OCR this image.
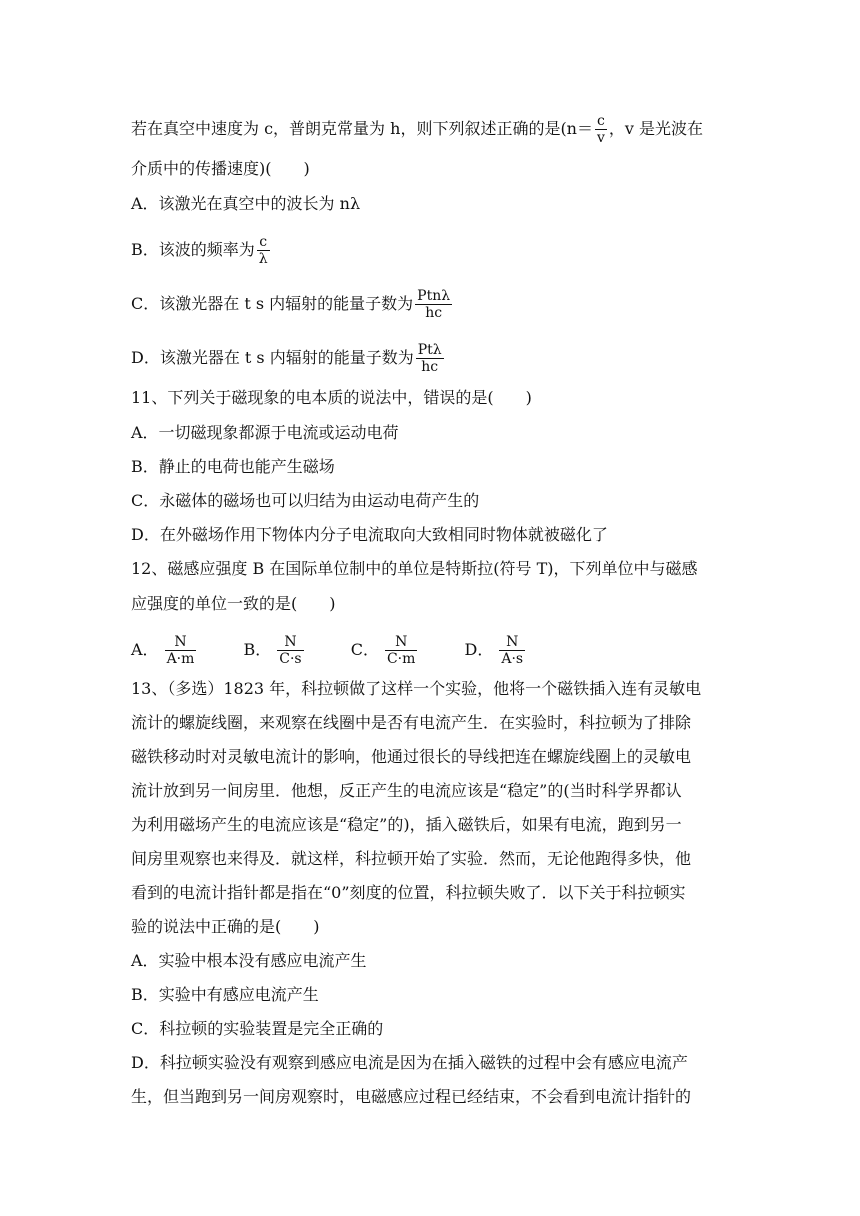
若在真空中速度为 c，普朗克常量为 h，则下列叙述正确的是($n= \frac{c}{v}$ ，v 是光波在
介质中的传播速度)(　　)
A．该激光在真空中的波长为 nλ
B．该波的频率为 $\frac{c}{\lambda}$
C．该激光器在 t s 内辐射的能量子数为 $\frac{\text{Ptnλ}}{hc}$
D．该激光器在 t s 内辐射的能量子数为 $\frac{\text{Ptλ}}{hc}$
11、下列关于磁现象的电本质的说法中，错误的是(　　)
A．一切磁现象都源于电流或运动电荷
B．静止的电荷也能产生磁场
C．永磁体的磁场也可以归结为由运动电荷产生的
D．在外磁场作用下物体内分子电流取向大致相同时物体就被磁化了
12、磁感应强度 B 在国际单位制中的单位是特斯拉(符号 T)，下列单位中与磁感
应强度的单位一致的是(　　)
A． $\frac{N}{A\cdot m}$	B． $\frac{N}{C\cdot s}$	C． $\frac{N}{C\cdot m}$	D． $\frac{N}{A\cdot s}$
13、（多选）1823 年，科拉顿做了这样一个实验，他将一个磁铁插入连有灵敏电
流计的螺旋线圈，来观察在线圈中是否有电流产生．在实验时，科拉顿为了排除
磁铁移动时对灵敏电流计的影响，他通过很长的导线把连在螺旋线圈上的灵敏电
流计放到另一间房里．他想，反正产生的电流应该是“稳定”的(当时科学界都认
为利用磁场产生的电流应该是“稳定”的)，插入磁铁后，如果有电流，跑到另一
间房里观察也来得及．就这样，科拉顿开始了实验．然而，无论他跑得多快，他
看到的电流计指针都是指在“0”刻度的位置，科拉顿失败了．以下关于科拉顿实
验的说法中正确的是(　　)
A．实验中根本没有感应电流产生
B．实验中有感应电流产生
C．科拉顿的实验装置是完全正确的
D．科拉顿实验没有观察到感应电流是因为在插入磁铁的过程中会有感应电流产
生，但当跑到另一间房观察时，电磁感应过程已经结束，不会看到电流计指针的
